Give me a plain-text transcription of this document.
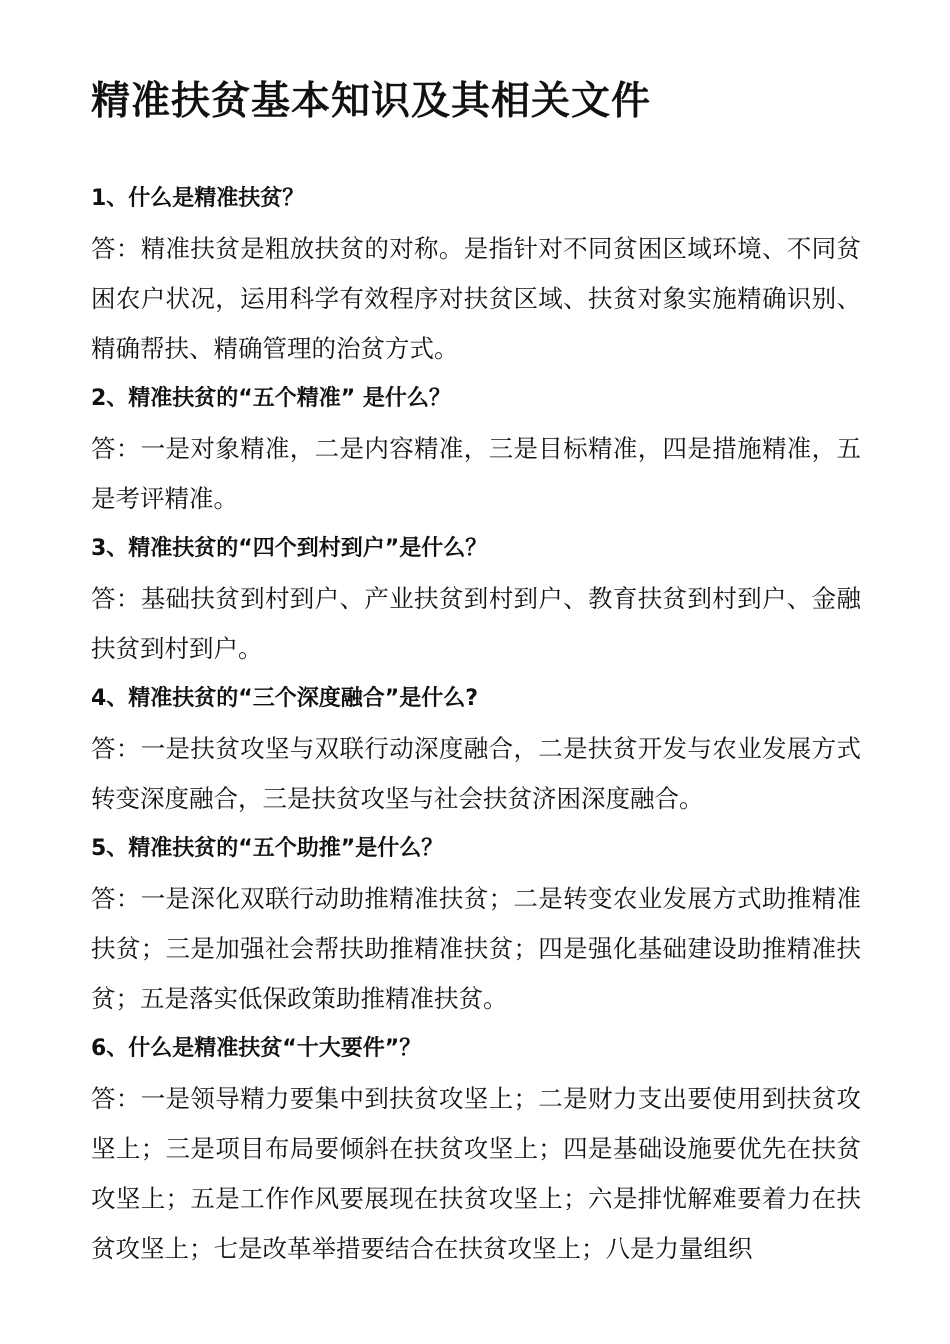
精准扶贫基本知识及其相关文件

1、什么是精准扶贫？

答：精准扶贫是粗放扶贫的对称。是指针对不同贫困区域环境、不同贫困农户状况，运用科学有效程序对扶贫区域、扶贫对象实施精确识别、精确帮扶、精确管理的治贫方式。

2、精准扶贫的“五个精准” 是什么？

答：一是对象精准，二是内容精准，三是目标精准，四是措施精准，五是考评精准。

3、精准扶贫的“四个到村到户”是什么？

答：基础扶贫到村到户、产业扶贫到村到户、教育扶贫到村到户、金融扶贫到村到户。

4、精准扶贫的“三个深度融合”是什么?

答：一是扶贫攻坚与双联行动深度融合，二是扶贫开发与农业发展方式转变深度融合，三是扶贫攻坚与社会扶贫济困深度融合。

5、精准扶贫的“五个助推”是什么？

答：一是深化双联行动助推精准扶贫；二是转变农业发展方式助推精准扶贫；三是加强社会帮扶助推精准扶贫；四是强化基础建设助推精准扶贫；五是落实低保政策助推精准扶贫。

6、什么是精准扶贫“十大要件”？

答：一是领导精力要集中到扶贫攻坚上；二是财力支出要使用到扶贫攻坚上；三是项目布局要倾斜在扶贫攻坚上；四是基础设施要优先在扶贫攻坚上；五是工作作风要展现在扶贫攻坚上；六是排忧解难要着力在扶贫攻坚上；七是改革举措要结合在扶贫攻坚上；八是力量组织
